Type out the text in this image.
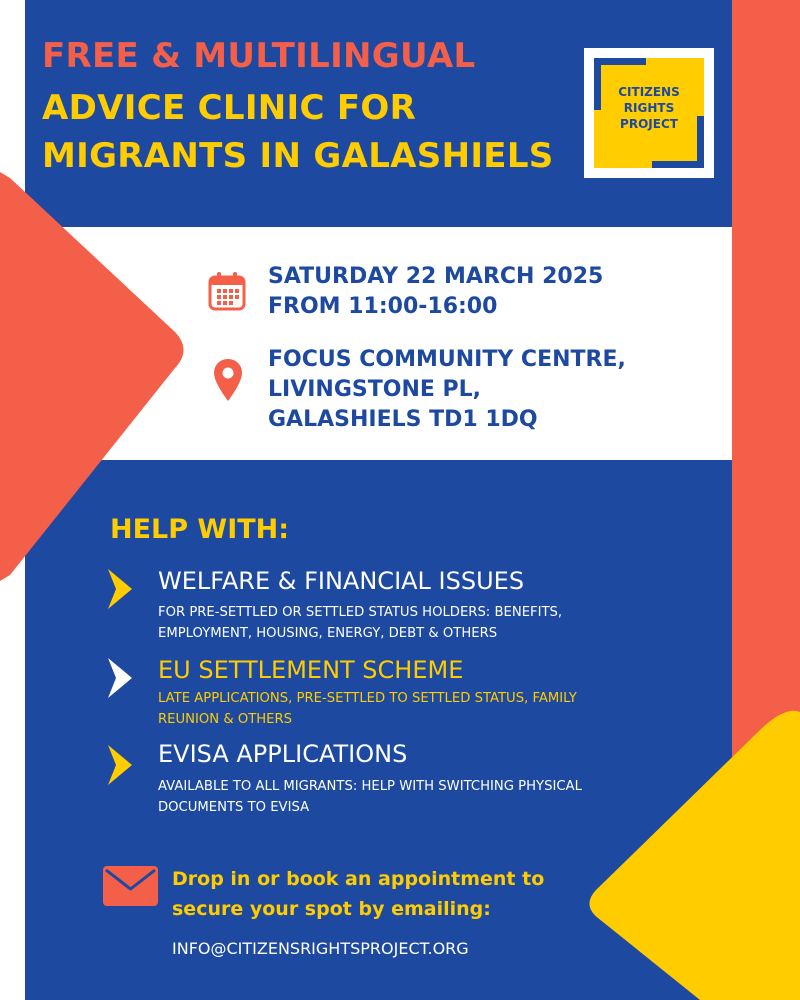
FREE & MULTILINGUAL
ADVICE CLINIC FOR
MIGRANTS IN GALASHIELS
CITIZENS
RIGHTS
PROJECT
SATURDAY 22 MARCH 2025
FROM 11:00-16:00
FOCUS COMMUNITY CENTRE,
LIVINGSTONE PL,
GALASHIELS TD1 1DQ
HELP WITH:
WELFARE & FINANCIAL ISSUES
FOR PRE-SETTLED OR SETTLED STATUS HOLDERS: BENEFITS,
EMPLOYMENT, HOUSING, ENERGY, DEBT & OTHERS
EU SETTLEMENT SCHEME
LATE APPLICATIONS, PRE-SETTLED TO SETTLED STATUS, FAMILY
REUNION & OTHERS
EVISA APPLICATIONS
AVAILABLE TO ALL MIGRANTS: HELP WITH SWITCHING PHYSICAL
DOCUMENTS TO EVISA
Drop in or book an appointment to
secure your spot by emailing:
INFO@CITIZENSRIGHTSPROJECT.ORG
